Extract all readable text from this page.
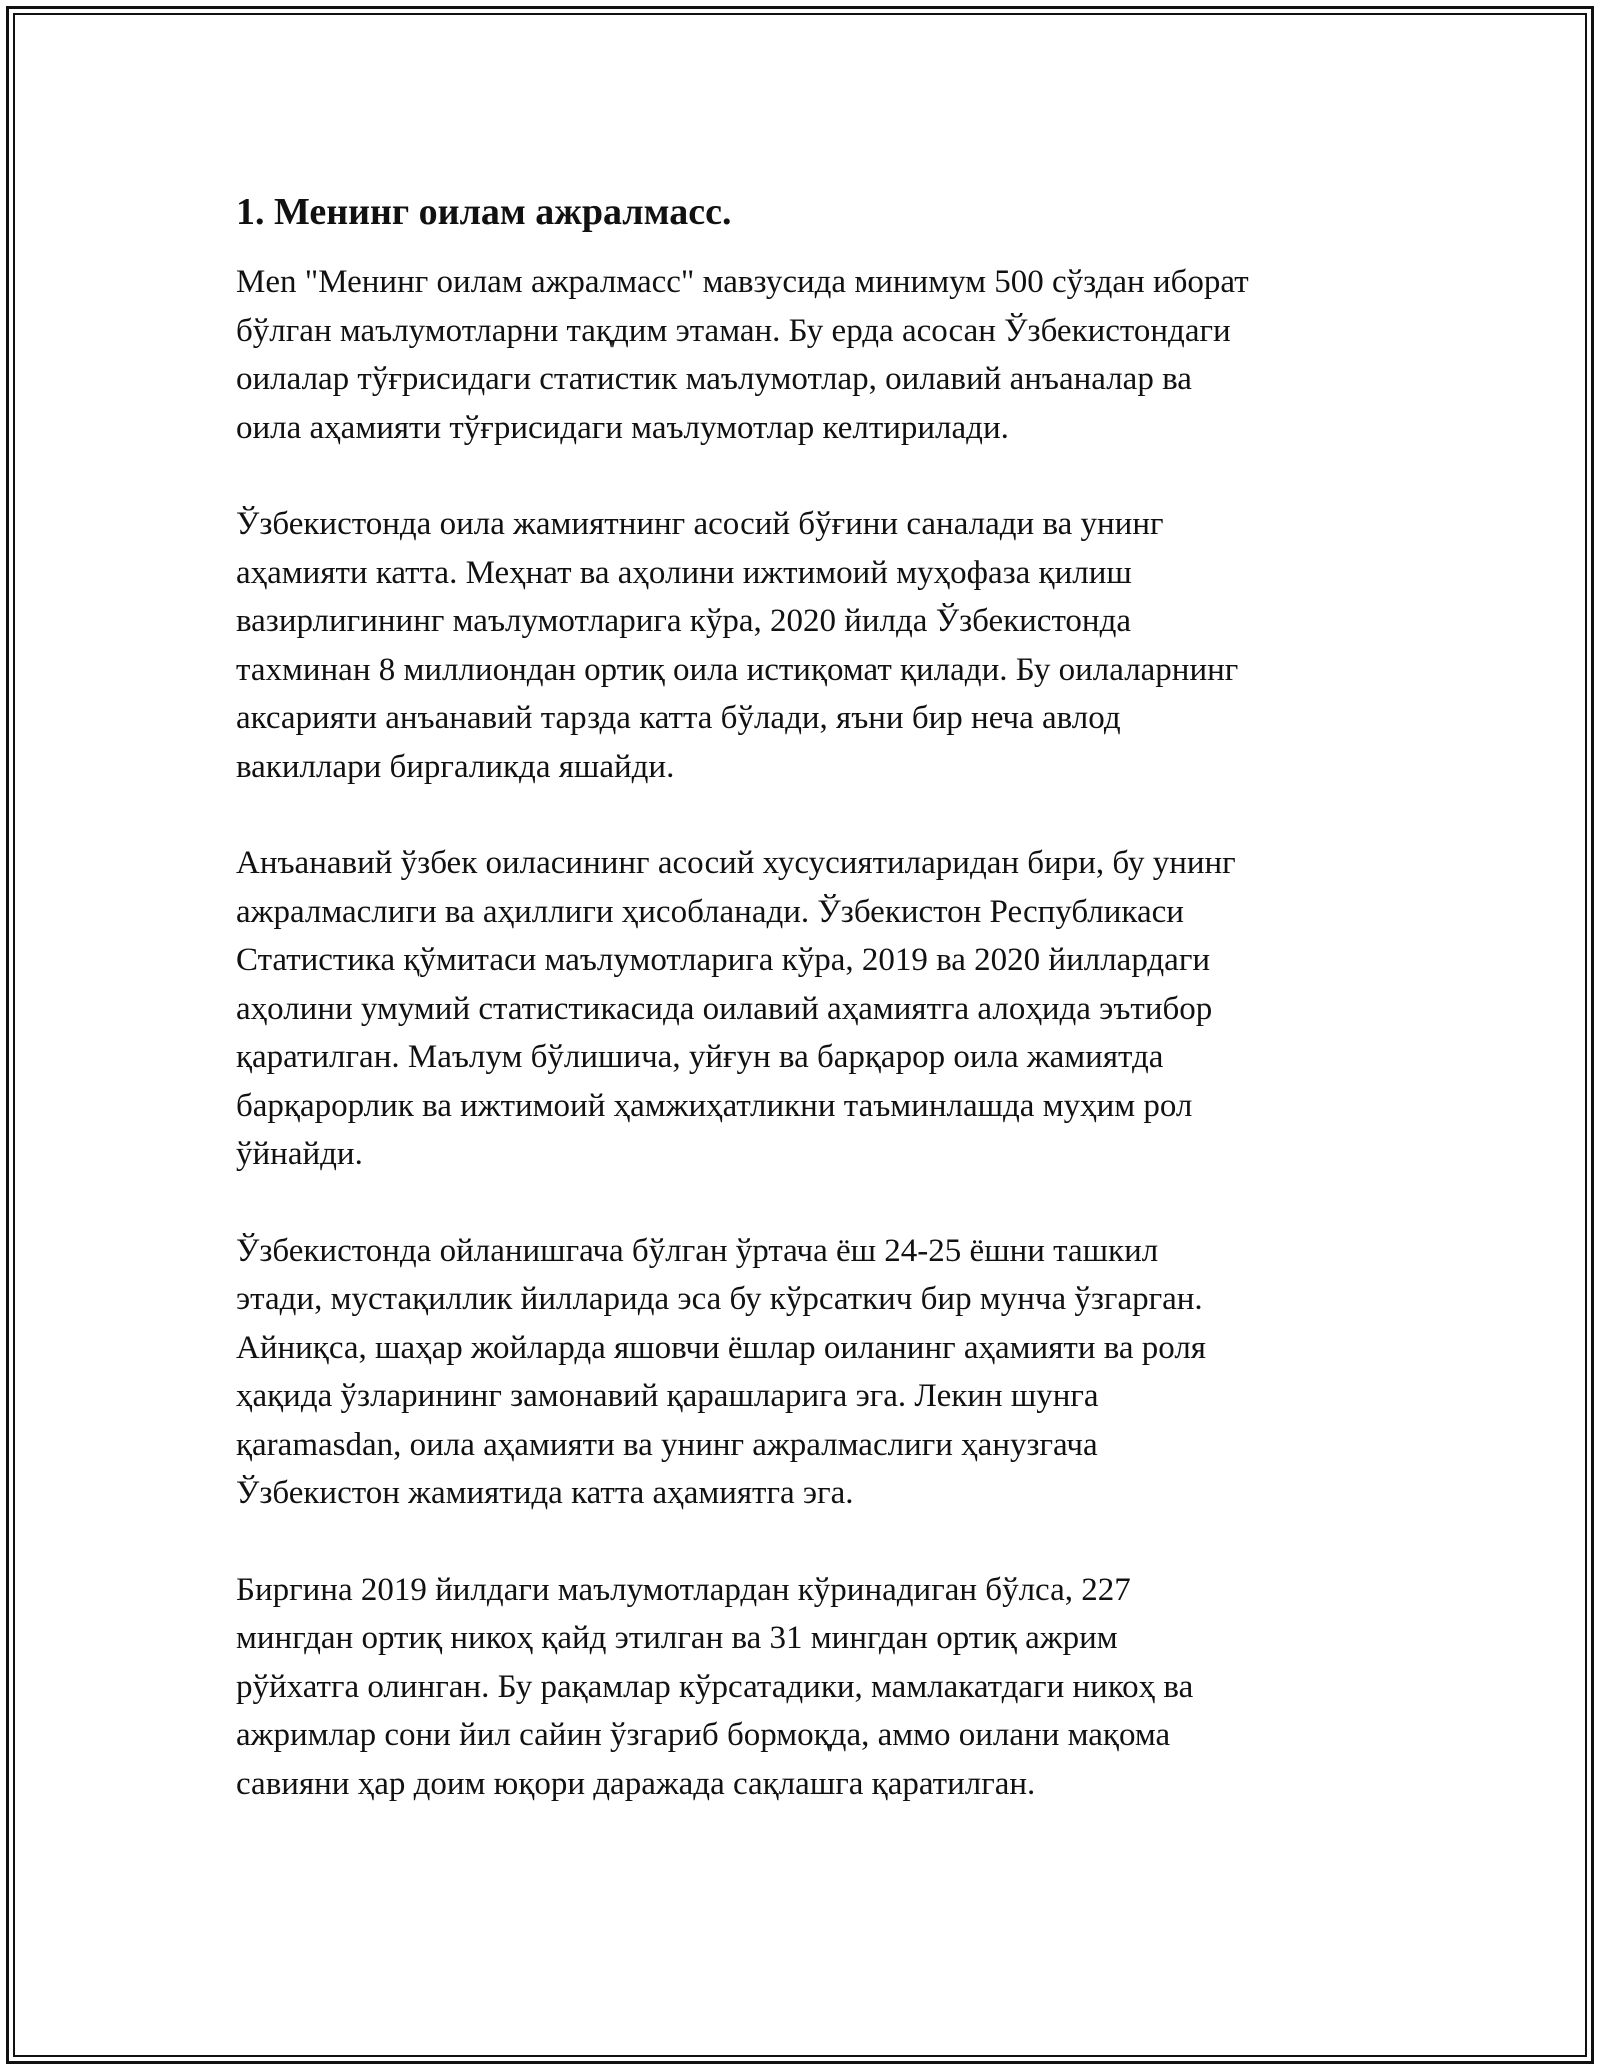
1. Менинг оилам ажралмасс.
Men "Менинг оилам ажралмасс" мавзусида минимум 500 сўздан иборат
бўлган маълумотларни тақдим этаман. Бу ерда асосан Ўзбекистондаги
оилалар тўғрисидаги статистик маълумотлар, оилавий анъаналар ва
оила аҳамияти тўғрисидаги маълумотлар келтирилади.
Ўзбекистонда оила жамиятнинг асосий бўғини саналади ва унинг
аҳамияти катта. Меҳнат ва аҳолини ижтимоий муҳофаза қилиш
вазирлигининг маълумотларига кўра, 2020 йилда Ўзбекистонда
тахминан 8 миллиондан ортиқ оила истиқомат қилади. Бу оилаларнинг
аксарияти анъанавий тарзда катта бўлади, яъни бир неча авлод
вакиллари биргаликда яшайди.
Анъанавий ўзбек оиласининг асосий хусусиятиларидан бири, бу унинг
ажралмаслиги ва аҳиллиги ҳисобланади. Ўзбекистон Республикаси
Статистика қўмитаси маълумотларига кўра, 2019 ва 2020 йиллардаги
аҳолини умумий статистикасида оилавий аҳамиятга алоҳида эътибор
қаратилган. Маълум бўлишича, уйғун ва барқарор оила жамиятда
барқарорлик ва ижтимоий ҳамжиҳатликни таъминлашда муҳим рол
ўйнайди.
Ўзбекистонда ойланишгача бўлган ўртача ёш 24-25 ёшни ташкил
этади, мустақиллик йилларида эса бу кўрсаткич бир мунча ўзгарган.
Айниқса, шаҳар жойларда яшовчи ёшлар оиланинг аҳамияти ва роля
ҳақида ўзларининг замонавий қарашларига эга. Лекин шунга
қaramasdan, оила аҳамияти ва унинг ажралмаслиги ҳанузгача
Ўзбекистон жамиятида катта аҳамиятга эга.
Биргина 2019 йилдаги маълумотлардан кўринадиган бўлса, 227
мингдан ортиқ никоҳ қайд этилган ва 31 мингдан ортиқ ажрим
рўйхатга олинган. Бу рақамлар кўрсатадики, мамлакатдаги никоҳ ва
ажримлар сони йил сайин ўзгариб бормоқда, аммо оилани мақома
савияни ҳар доим юқори даражада сақлашга қаратилган.
